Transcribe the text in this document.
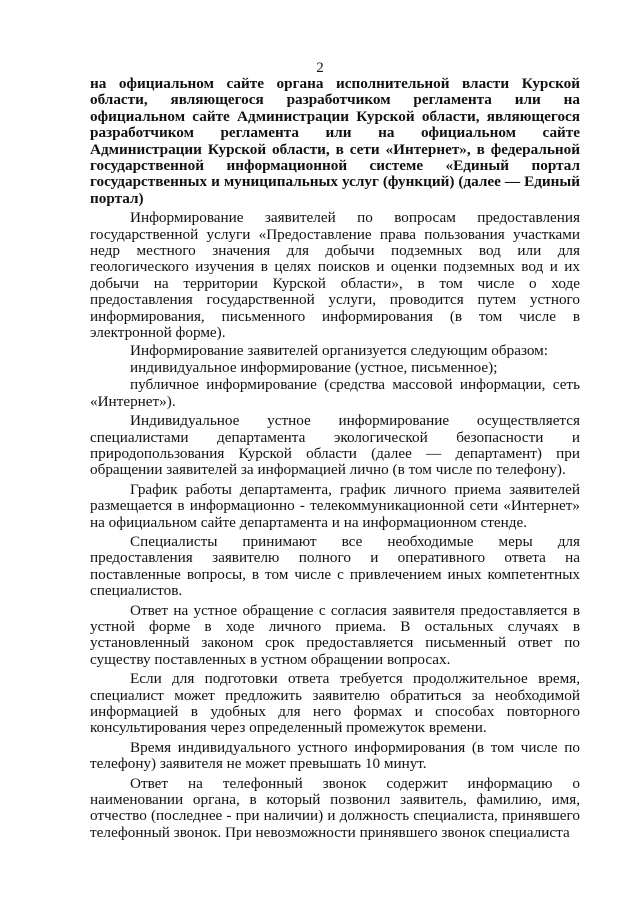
2

на официальном сайте органа исполнительной власти Курской области, являющегося разработчиком регламента или на официальном сайте Администрации Курской области, являющегося разработчиком регламента или на официальном сайте Администрации Курской области, в сети «Интернет», в федеральной государственной информационной системе «Единый портал государственных и муниципальных услуг (функций) (далее — Единый портал)

Информирование заявителей по вопросам предоставления государственной услуги «Предоставление права пользования участками недр местного значения для добычи подземных вод или для геологического изучения в целях поисков и оценки подземных вод и их добычи на территории Курской области», в том числе о ходе предоставления государственной услуги, проводится путем устного информирования, письменного информирования (в том числе в электронной форме).

Информирование заявителей организуется следующим образом:

индивидуальное информирование (устное, письменное);

публичное информирование (средства массовой информации, сеть «Интернет»).

Индивидуальное устное информирование осуществляется специалистами департамента экологической безопасности и природопользования Курской области (далее — департамент) при обращении заявителей за информацией лично (в том числе по телефону).

График работы департамента, график личного приема заявителей размещается в информационно - телекоммуникационной сети «Интернет» на официальном сайте департамента и на информационном стенде.

Специалисты принимают все необходимые меры для предоставления заявителю полного и оперативного ответа на поставленные вопросы, в том числе с привлечением иных компетентных специалистов.

Ответ на устное обращение с согласия заявителя предоставляется в устной форме в ходе личного приема. В остальных случаях в установленный законом срок предоставляется письменный ответ по существу поставленных в устном обращении вопросах.

Если для подготовки ответа требуется продолжительное время, специалист может предложить заявителю обратиться за необходимой информацией в удобных для него формах и способах повторного консультирования через определенный промежуток времени.

Время индивидуального устного информирования (в том числе по телефону) заявителя не может превышать 10 минут.

Ответ на телефонный звонок содержит информацию о наименовании органа, в который позвонил заявитель, фамилию, имя, отчество (последнее - при наличии) и должность специалиста, принявшего телефонный звонок. При невозможности принявшего звонок специалиста
